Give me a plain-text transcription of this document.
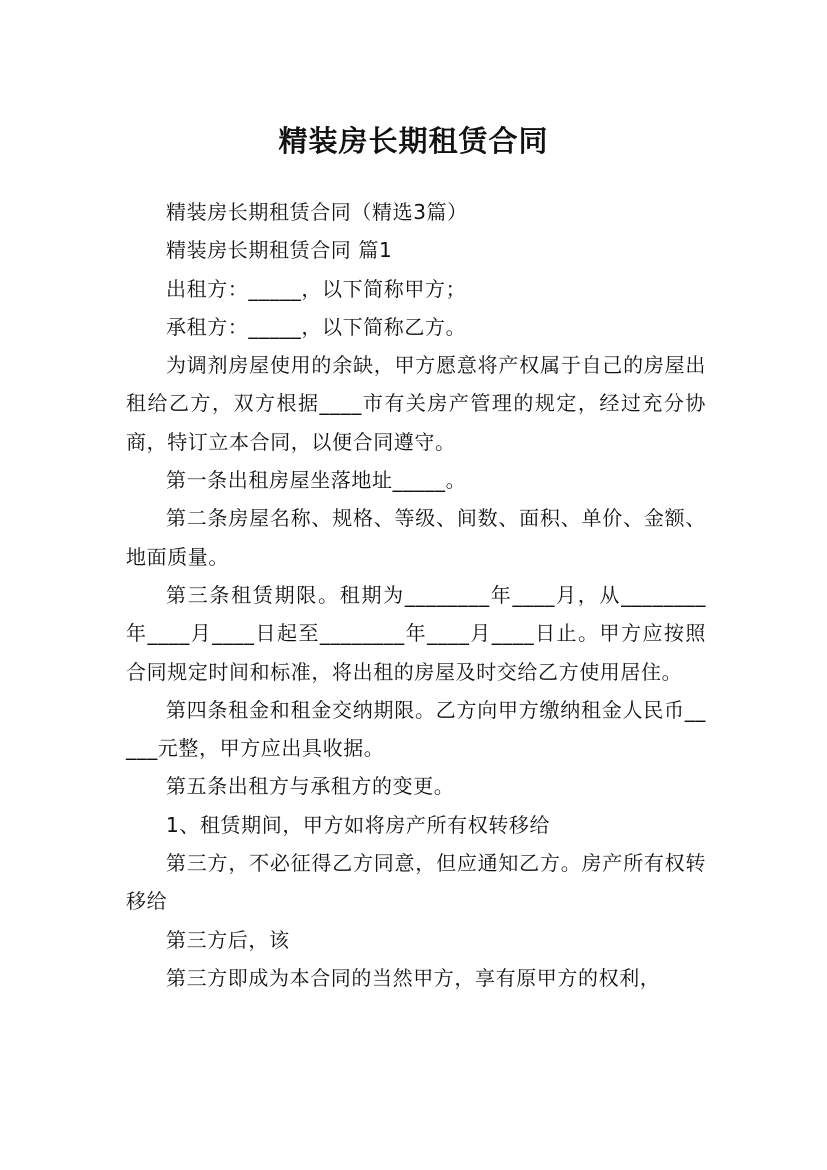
精装房长期租赁合同

精装房长期租赁合同（精选3篇）

精装房长期租赁合同 篇1

出租方：_____，以下简称甲方；

承租方：_____，以下简称乙方。

为调剂房屋使用的余缺，甲方愿意将产权属于自己的房屋出租给乙方，双方根据____市有关房产管理的规定，经过充分协商，特订立本合同，以便合同遵守。

第一条出租房屋坐落地址_____。

第二条房屋名称、规格、等级、间数、面积、单价、金额、地面质量。

第三条租赁期限。租期为________年____月，从________年____月____日起至________年____月____日止。甲方应按照合同规定时间和标准，将出租的房屋及时交给乙方使用居住。

第四条租金和租金交纳期限。乙方向甲方缴纳租金人民币_____元整，甲方应出具收据。

第五条出租方与承租方的变更。

1、租赁期间，甲方如将房产所有权转移给

第三方，不必征得乙方同意，但应通知乙方。房产所有权转移给

第三方后，该

第三方即成为本合同的当然甲方，享有原甲方的权利，
